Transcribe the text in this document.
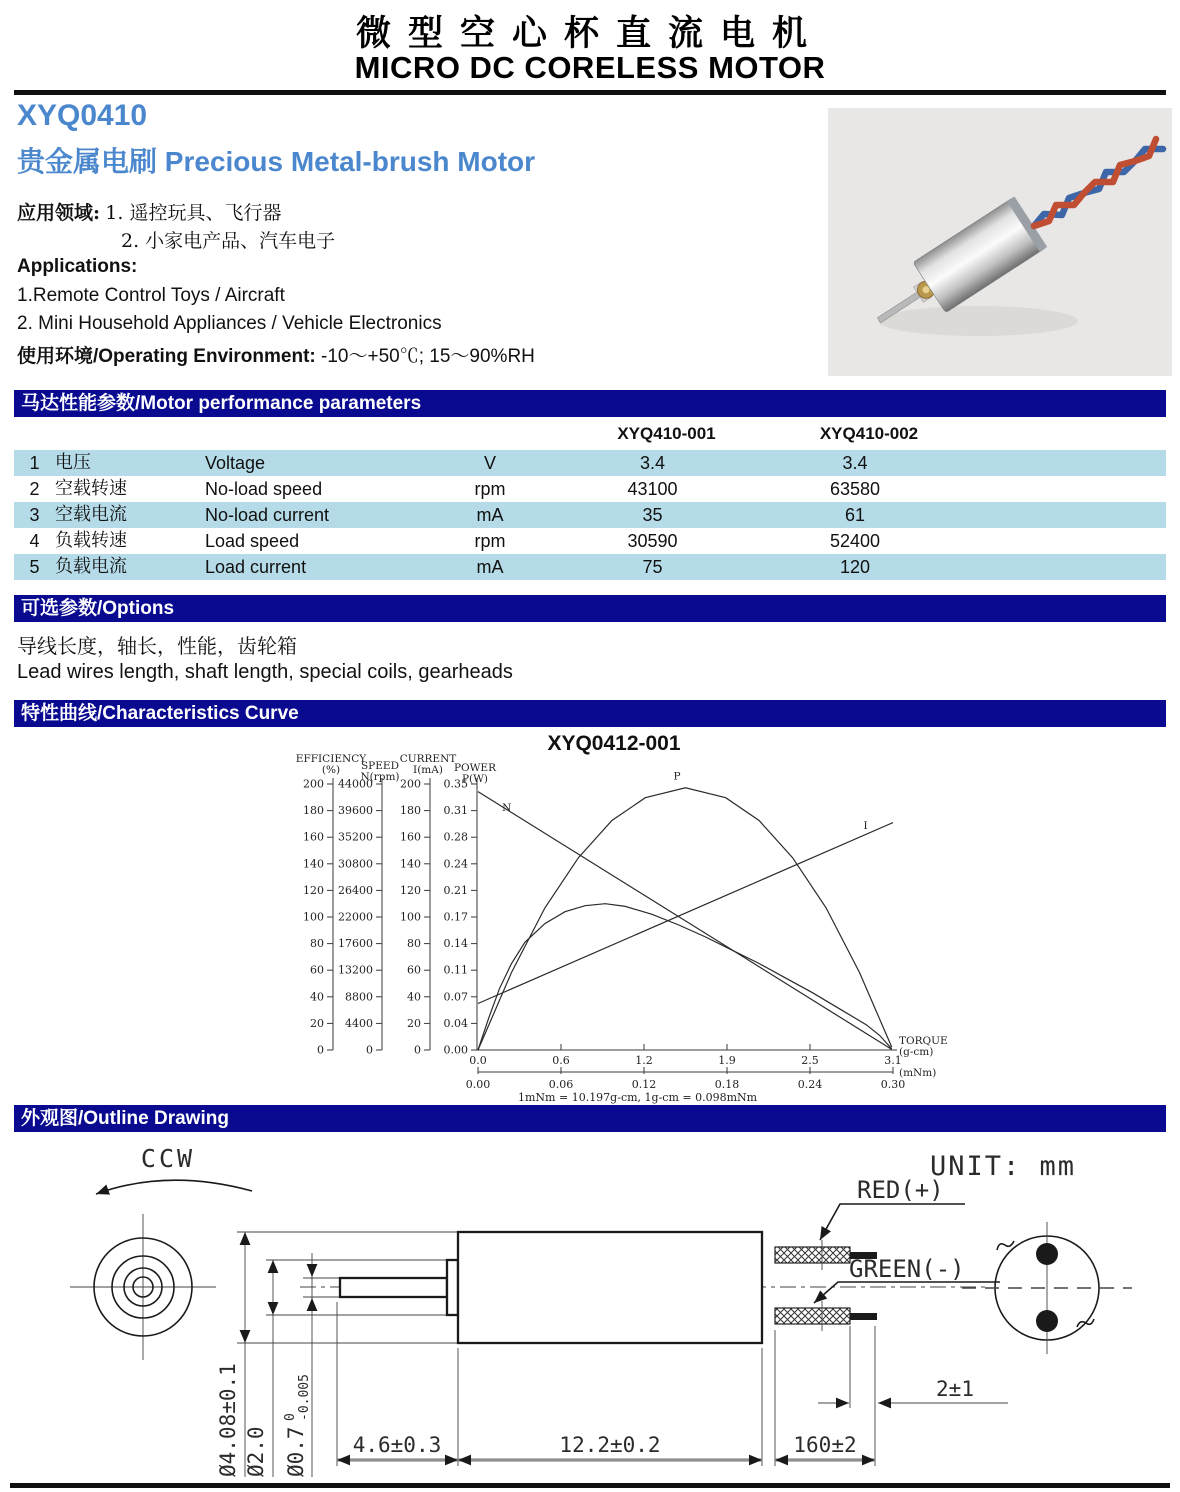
微型空心杯直流电机
MICRO DC CORELESS MOTOR
XYQ0410
贵金属电刷 Precious Metal-brush Motor
应用领域: 1. 遥控玩具、飞行器
2. 小家电产品、汽车电子
Applications:
1.Remote Control Toys / Aircraft
2. Mini Household Appliances / Vehicle Electronics
使用环境/Operating Environment: -10～+50℃; 15～90%RH
马达性能参数/Motor performance parameters
XYQ410-001	XYQ410-002
1 电压	Voltage	V	3.4	3.4
2 空载转速	No-load speed	rpm	43100	63580
3 空载电流	No-load current	mA	35	61
4 负载转速	Load speed	rpm	30590	52400
5 负载电流	Load current	mA	75	120
可选参数/Options
导线长度，轴长，性能，齿轮箱
Lead wires length, shaft length, special coils, gearheads
特性曲线/Characteristics Curve
XYQ0412-001
200
180
160
140
120
100
80
60
40
20
0
EFFICIENCY
(%)
44000
39600
35200
30800
26400
22000
17600
13200
8800
4400
0
SPEED
N(rpm)
200
180
160
140
120
100
80
60
40
20
0
CURRENT
I(mA)
0.35
0.31
0.28
0.24
0.21
0.17
0.14
0.11
0.07
0.04
0.00
POWER
P(W)
0.0	0.6	1.2	1.9	2.5	3.1
TORQUE
(g-cm)
0.00	0.06	0.12	0.18	0.24	0.30
(mNm)
1mNm = 10.197g-cm, 1g-cm = 0.098mNm
N
P
I
外观图/Outline Drawing
CCW	UNIT: mm
RED(+)
GREEN(-)
Ø4.08±0.1 Ø2.0 Ø0.7
0 -0.005
4.6±0.3	12.2±0.2	160±2
2±1
